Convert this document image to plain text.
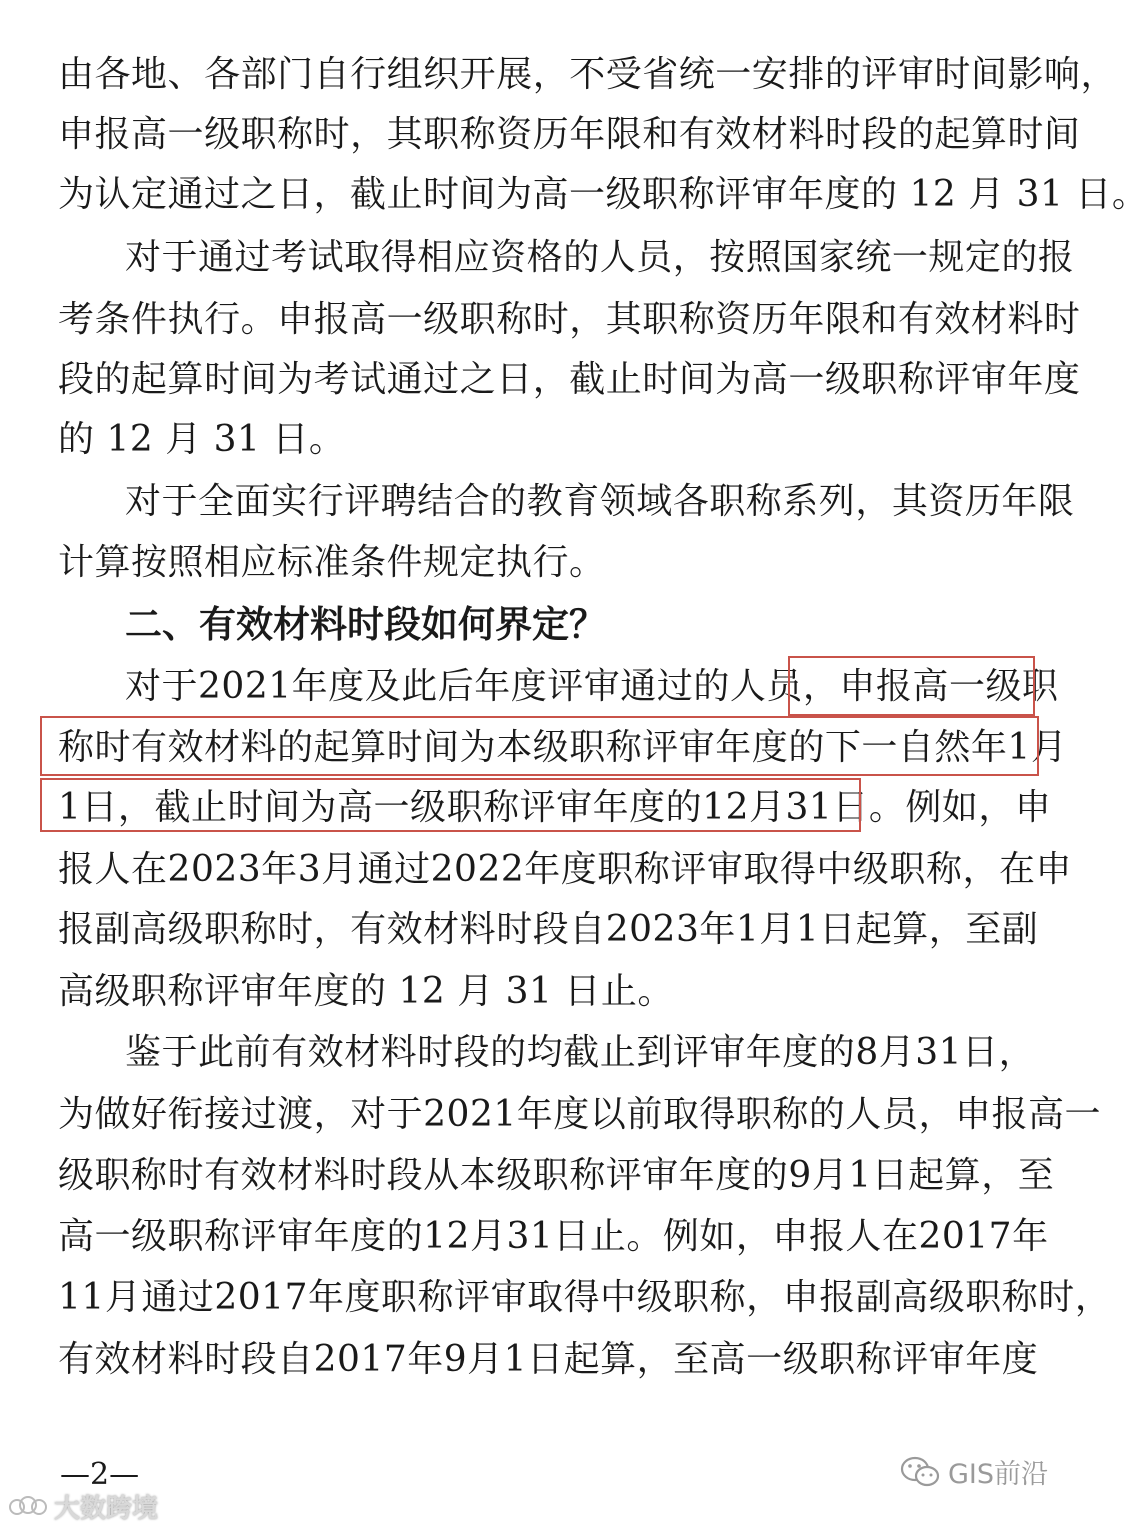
由 各 地 、 各 部 门 自 行 组 织 开 展 ， 不 受 省 统 一 安 排 的 评 审 时 间 影 响 ，
申 报 高 一 级 职 称 时 ， 其 职 称 资 历 年 限 和 有 效 材 料 时 段 的 起 算 时 间
为认定通过之日，截止时间为高一级职称评审年度的 12 月 31 日。
对 于 通 过 考 试 取 得 相 应 资 格 的 人 员 ， 按 照 国 家 统 一 规 定 的 报
考 条 件 执 行 。 申 报 高 一 级 职 称 时 ， 其 职 称 资 历 年 限 和 有 效 材 料 时
段 的 起 算 时 间 为 考 试 通 过 之 日 ， 截 止 时 间 为 高 一 级 职 称 评 审 年 度
的 12 月 31 日。
对 于 全 面 实 行 评 聘 结 合 的 教 育 领 域 各 职 称 系 列 ， 其 资 历 年 限
计算按照相应标准条件规定执行。
二、有效材料时段如何界定？
对 于 2021 年 度 及 此 后 年 度 评 审 通 过 的 人 员 ， 申 报 高 一 级 职
称 时 有 效 材 料 的 起 算 时 间 为 本 级 职 称 评 审 年 度 的 下 一 自 然 年 1 月
1 日 ， 截 止 时 间 为 高 一 级 职 称 评 审 年 度 的 12 月 31 日 。 例 如 ， 申
报 人 在 2023 年 3 月 通 过 2022 年 度 职 称 评 审 取 得 中 级 职 称 ， 在 申
报 副 高 级 职 称 时 ， 有 效 材 料 时 段 自 2023 年 1 月 1 日 起 算 ， 至 副
高级职称评审年度的 12 月 31 日止。
鉴 于 此 前 有 效 材 料 时 段 的 均 截 止 到 评 审 年 度 的 8 月 31 日 ，
为 做 好 衔 接 过 渡 ， 对 于 2021 年 度 以 前 取 得 职 称 的 人 员 ， 申 报 高 一
级 职 称 时 有 效 材 料 时 段 从 本 级 职 称 评 审 年 度 的 9 月 1 日 起 算 ， 至
高 一 级 职 称 评 审 年 度 的 12 月 31 日 止 。 例 如 ， 申 报 人 在 2017 年
11 月 通 过 2017 年 度 职 称 评 审 取 得 中 级 职 称 ， 申 报 副 高 级 职 称 时 ，
有 效 材 料 时 段 自 2017 年 9 月 1 日 起 算 ， 至 高 一 级 职 称 评 审 年 度
—2—
大数跨境
GIS前沿
